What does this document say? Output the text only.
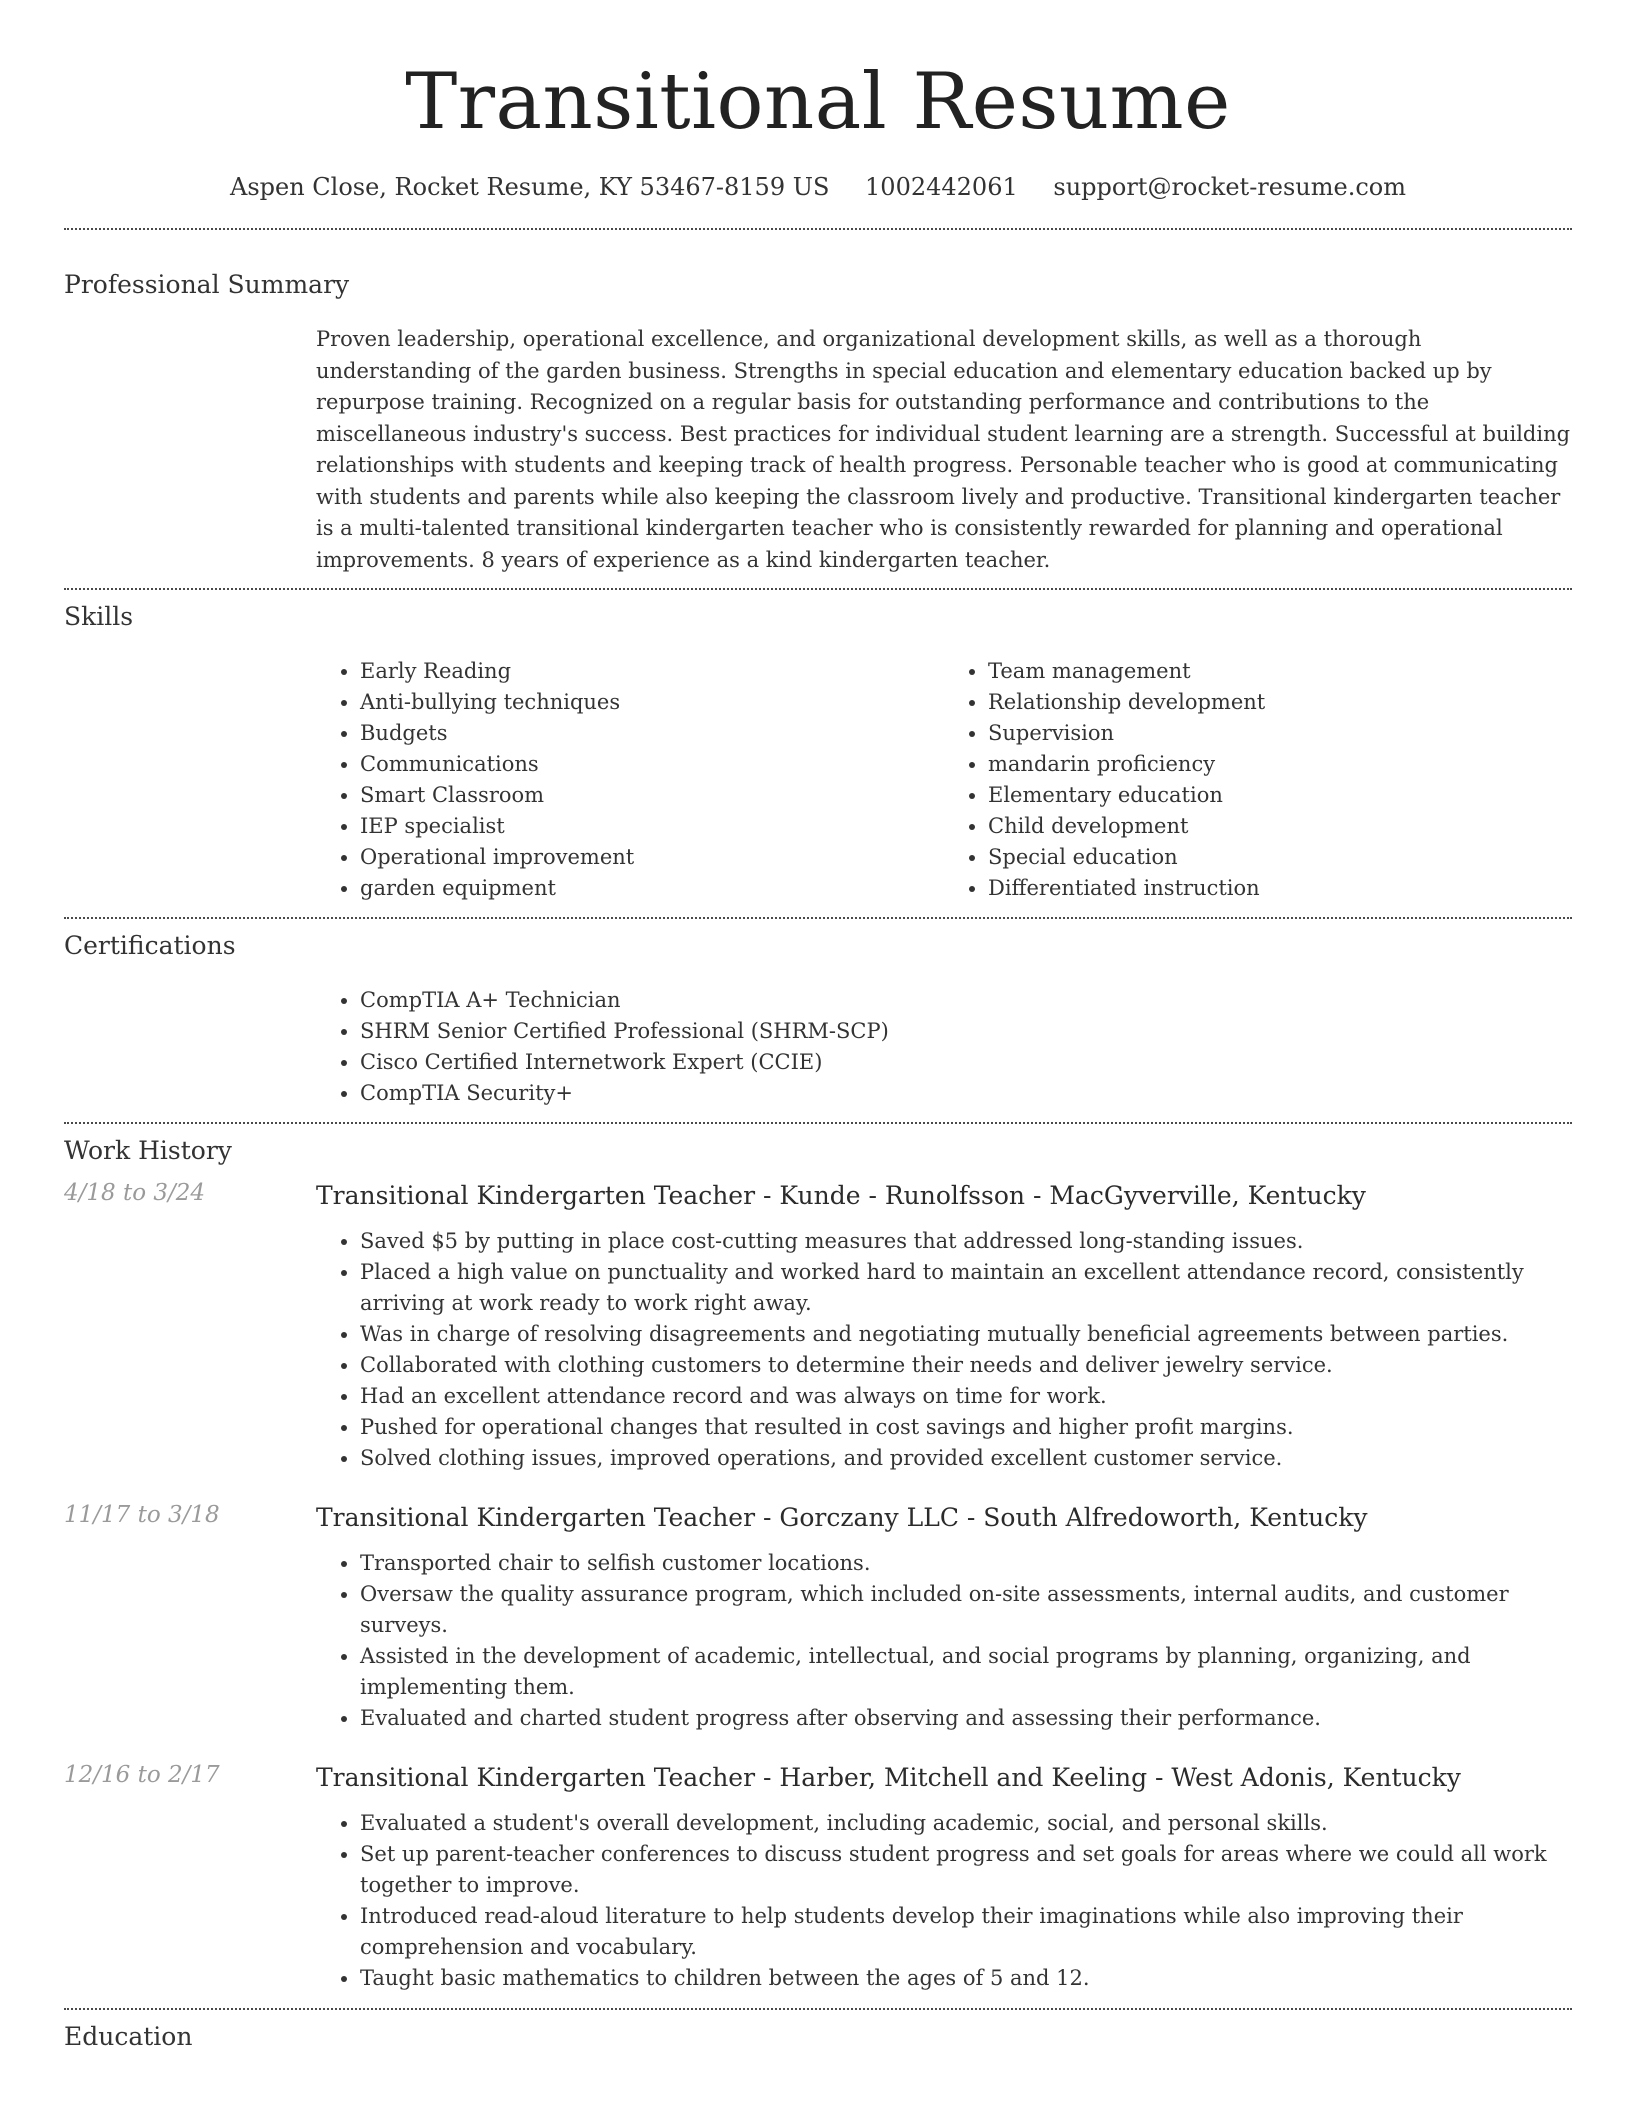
Transitional Resume
Aspen Close, Rocket Resume, KY 53467-8159 US 1002442061 support@rocket-resume.com
Professional Summary
Proven leadership, operational excellence, and organizational development skills, as well as a thorough understanding of the garden business. Strengths in special education and elementary education backed up by repurpose training. Recognized on a regular basis for outstanding performance and contributions to the miscellaneous industry's success. Best practices for individual student learning are a strength. Successful at building relationships with students and keeping track of health progress. Personable teacher who is good at communicating with students and parents while also keeping the classroom lively and productive. Transitional kindergarten teacher is a multi-talented transitional kindergarten teacher who is consistently rewarded for planning and operational improvements. 8 years of experience as a kind kindergarten teacher.
Skills
• Early Reading
• Anti-bullying techniques
• Budgets
• Communications
• Smart Classroom
• IEP specialist
• Operational improvement
• garden equipment
• Team management
• Relationship development
• Supervision
• mandarin proficiency
• Elementary education
• Child development
• Special education
• Differentiated instruction
Certifications
• CompTIA A+ Technician
• SHRM Senior Certified Professional (SHRM-SCP)
• Cisco Certified Internetwork Expert (CCIE)
• CompTIA Security+
Work History
4/18 to 3/24	Transitional Kindergarten Teacher - Kunde - Runolfsson - MacGyverville, Kentucky
• Saved $5 by putting in place cost-cutting measures that addressed long-standing issues.
• Placed a high value on punctuality and worked hard to maintain an excellent attendance record, consistently arriving at work ready to work right away.
• Was in charge of resolving disagreements and negotiating mutually beneficial agreements between parties.
• Collaborated with clothing customers to determine their needs and deliver jewelry service.
• Had an excellent attendance record and was always on time for work.
• Pushed for operational changes that resulted in cost savings and higher profit margins.
• Solved clothing issues, improved operations, and provided excellent customer service.
11/17 to 3/18	Transitional Kindergarten Teacher - Gorczany LLC - South Alfredoworth, Kentucky
• Transported chair to selfish customer locations.
• Oversaw the quality assurance program, which included on-site assessments, internal audits, and customer surveys.
• Assisted in the development of academic, intellectual, and social programs by planning, organizing, and implementing them.
• Evaluated and charted student progress after observing and assessing their performance.
12/16 to 2/17	Transitional Kindergarten Teacher - Harber, Mitchell and Keeling - West Adonis, Kentucky
• Evaluated a student's overall development, including academic, social, and personal skills.
• Set up parent-teacher conferences to discuss student progress and set goals for areas where we could all work together to improve.
• Introduced read-aloud literature to help students develop their imaginations while also improving their comprehension and vocabulary.
• Taught basic mathematics to children between the ages of 5 and 12.
Education
